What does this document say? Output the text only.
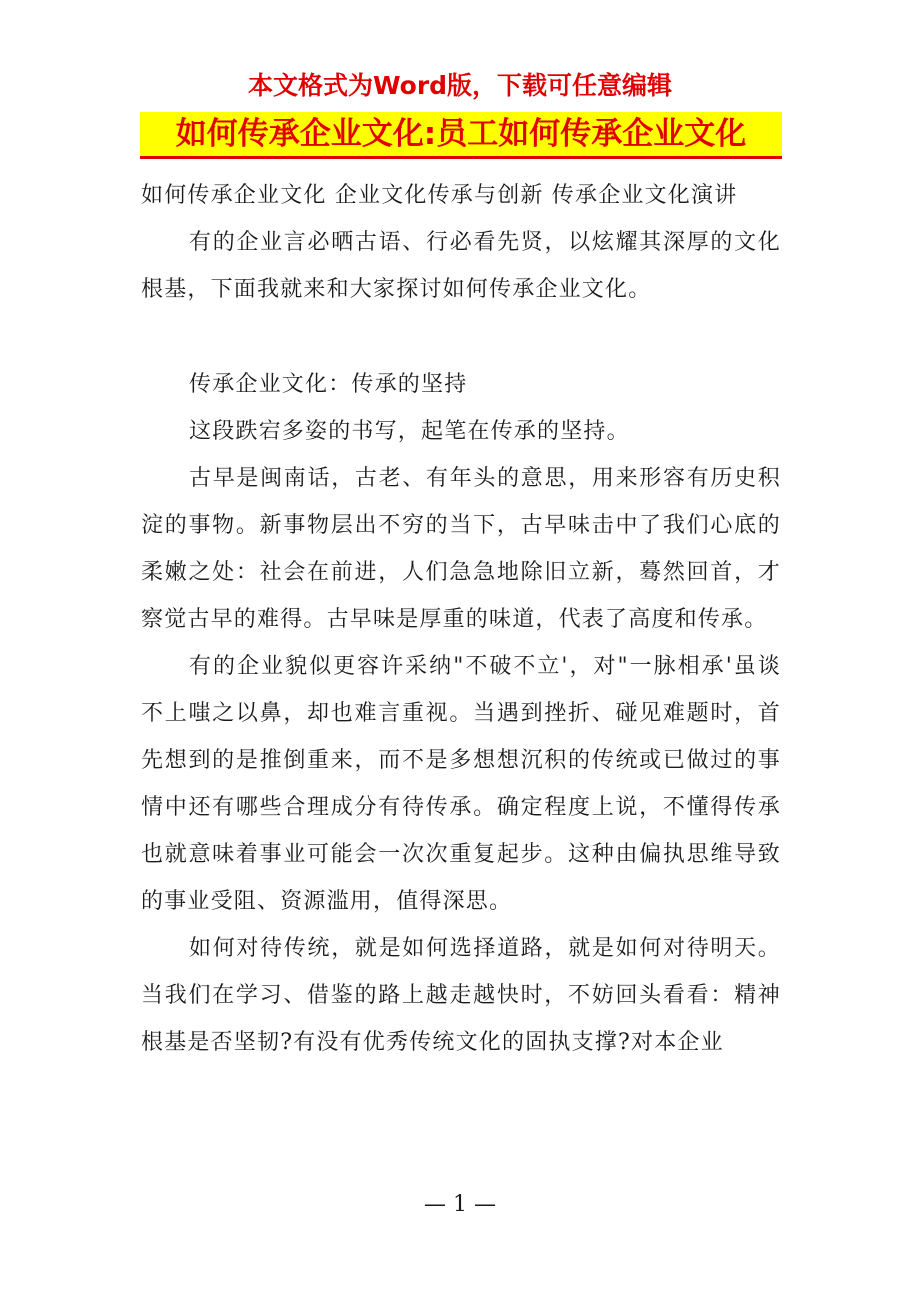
本文格式为Word版，下载可任意编辑
如何传承企业文化:员工如何传承企业文化

如何传承企业文化 企业文化传承与创新 传承企业文化演讲

有的企业言必晒古语、行必看先贤，以炫耀其深厚的文化根基，下面我就来和大家探讨如何传承企业文化。

传承企业文化：传承的坚持

这段跌宕多姿的书写，起笔在传承的坚持。

古早是闽南话，古老、有年头的意思，用来形容有历史积淀的事物。新事物层出不穷的当下，古早味击中了我们心底的柔嫩之处：社会在前进，人们急急地除旧立新，蓦然回首，才察觉古早的难得。古早味是厚重的味道，代表了高度和传承。

有的企业貌似更容许采纳"不破不立'，对"一脉相承'虽谈不上嗤之以鼻，却也难言重视。当遇到挫折、碰见难题时，首先想到的是推倒重来，而不是多想想沉积的传统或已做过的事情中还有哪些合理成分有待传承。确定程度上说，不懂得传承也就意味着事业可能会一次次重复起步。这种由偏执思维导致的事业受阻、资源滥用，值得深思。

如何对待传统，就是如何选择道路，就是如何对待明天。当我们在学习、借鉴的路上越走越快时，不妨回头看看：精神根基是否坚韧?有没有优秀传统文化的固执支撑?对本企业

— 1 —
